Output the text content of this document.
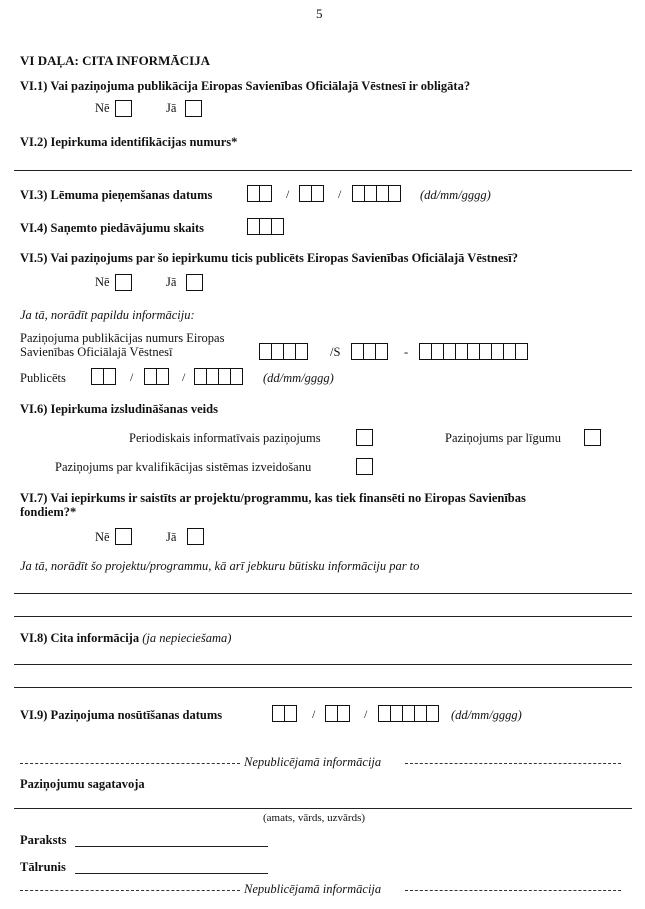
5
VI DAĻA: CITA INFORMĀCIJA
VI.1) Vai paziņojuma publikācija Eiropas Savienības Oficiālajā Vēstnesī ir obligāta?
Nē	Jā
VI.2) Iepirkuma identifikācijas numurs*
VI.3) Lēmuma pieņemšanas datums	/	/	(dd/mm/gggg)
VI.4) Saņemto piedāvājumu skaits
VI.5) Vai paziņojums par šo iepirkumu ticis publicēts Eiropas Savienības Oficiālajā Vēstnesī?
Nē	Jā
Ja tā, norādīt papildu informāciju:
Paziņojuma publikācijas numurs Eiropas
Savienības Oficiālajā Vēstnesī	/S	-
Publicēts	/	/	(dd/mm/gggg)
VI.6) Iepirkuma izsludināšanas veids
Periodiskais informatīvais paziņojums	Paziņojums par līgumu
Paziņojums par kvalifikācijas sistēmas izveidošanu
VI.7) Vai iepirkums ir saistīts ar projektu/programmu, kas tiek finansēti no Eiropas Savienības
fondiem?*
Nē	Jā
Ja tā, norādīt šo projektu/programmu, kā arī jebkuru būtisku informāciju par to
VI.8) Cita informācija (ja nepieciešama)
VI.9) Paziņojuma nosūtīšanas datums	/	/	(dd/mm/gggg)
Nepublicējamā informācija
Paziņojumu sagatavoja
(amats, vārds, uzvārds)
Paraksts
Tālrunis
Nepublicējamā informācija
